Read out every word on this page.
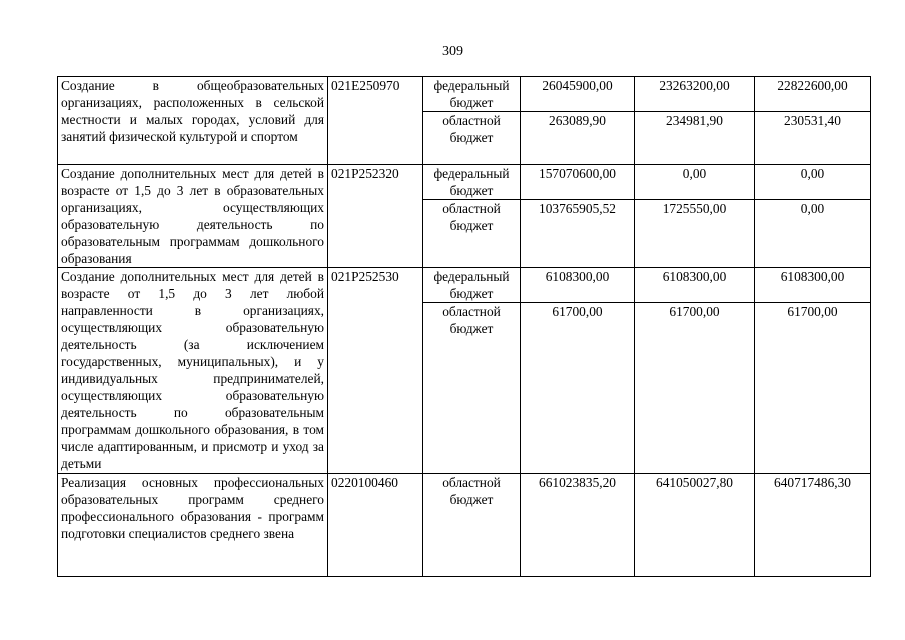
309
Создание в общеобразовательных организациях, расположенных в сельской местности и малых городах, условий для занятий физической культурой и спортом	021E250970	федеральный бюджет	26045900,00	23263200,00	22822600,00
		областной бюджет	263089,90	234981,90	230531,40
Создание дополнительных мест для детей в возрасте от 1,5 до 3 лет в образовательных организациях, осуществляющих образовательную деятельность по образовательным программам дошкольного образования	021P252320	федеральный бюджет	157070600,00	0,00	0,00
		областной бюджет	103765905,52	1725550,00	0,00
Создание дополнительных мест для детей в возрасте от 1,5 до 3 лет любой направленности в организациях, осуществляющих образовательную деятельность (за исключением государственных, муниципальных), и у индивидуальных предпринимателей, осуществляющих образовательную деятельность по образовательным программам дошкольного образования, в том числе адаптированным, и присмотр и уход за детьми	021P252530	федеральный бюджет	6108300,00	6108300,00	6108300,00
		областной бюджет	61700,00	61700,00	61700,00
Реализация основных профессиональных образовательных программ среднего профессионального образования - программ подготовки специалистов среднего звена	0220100460	областной бюджет	661023835,20	641050027,80	640717486,30
